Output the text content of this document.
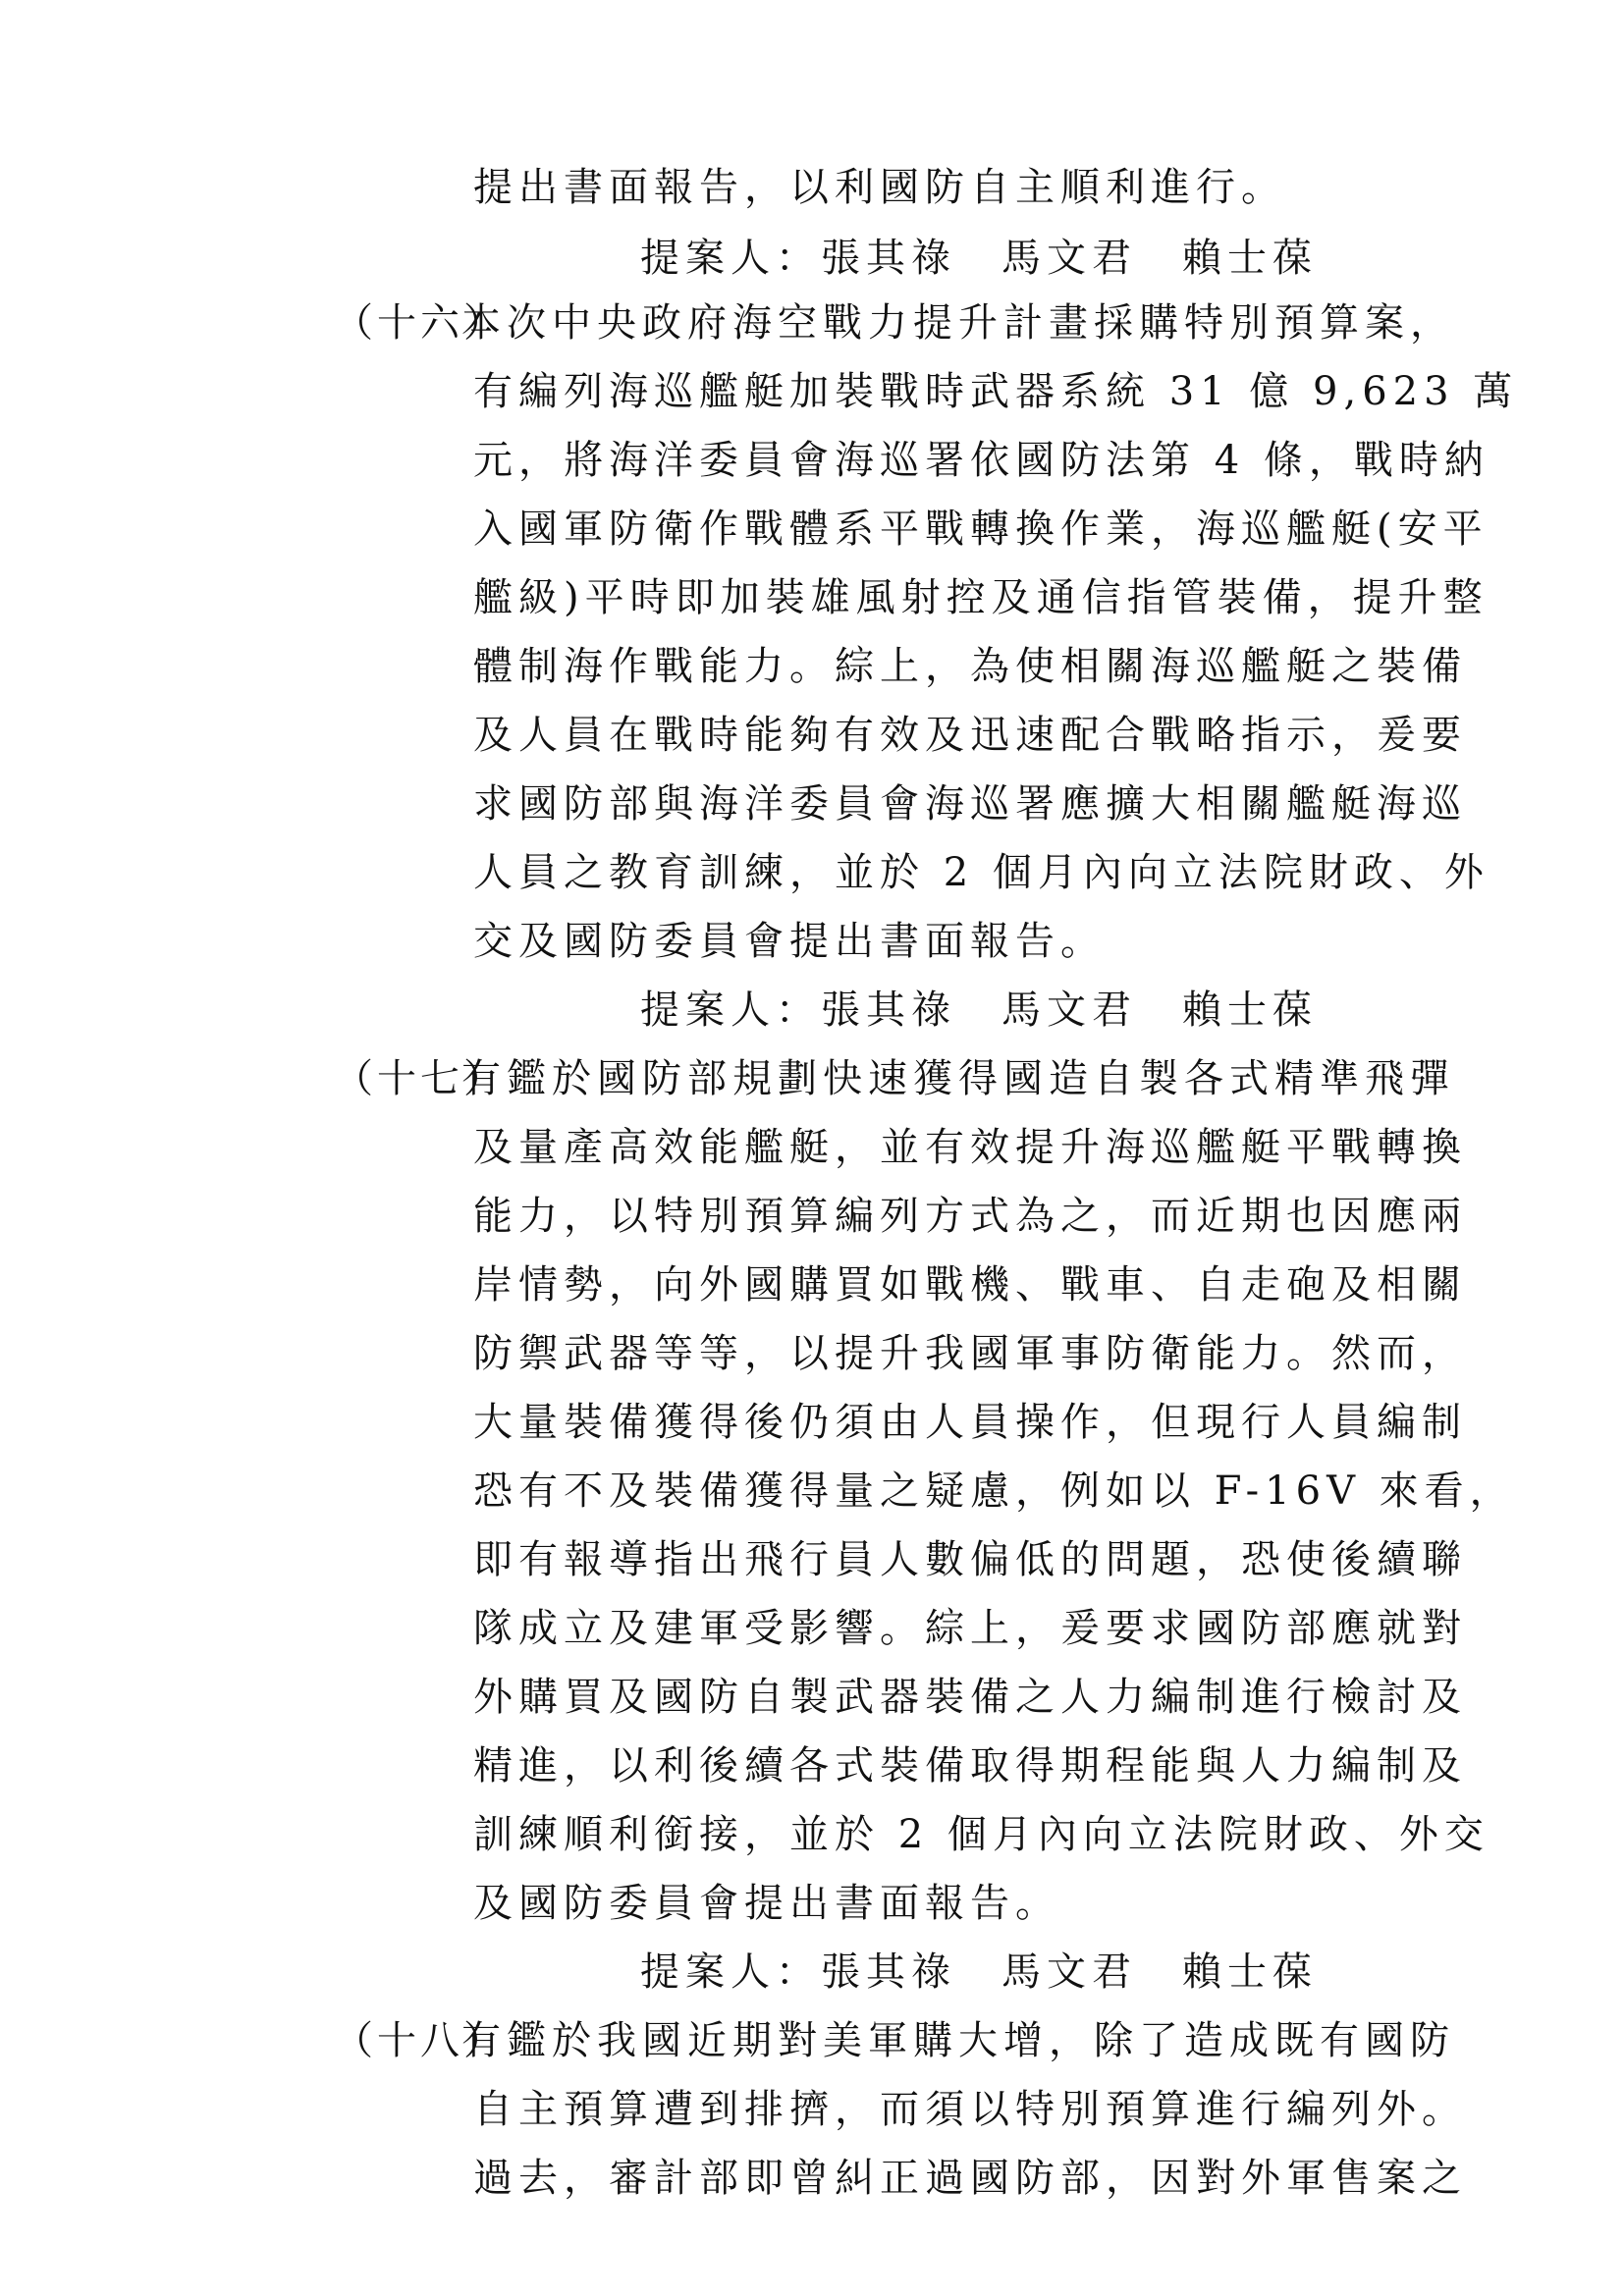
提出書面報告，以利國防自主順利進行。
提案人：張其祿　馬文君　賴士葆
（十六）
本次中央政府海空戰力提升計畫採購特別預算案，
有編列海巡艦艇加裝戰時武器系統 31 億 9,623 萬
元，將海洋委員會海巡署依國防法第 4 條，戰時納
入國軍防衛作戰體系平戰轉換作業，海巡艦艇(安平
艦級)平時即加裝雄風射控及通信指管裝備，提升整
體制海作戰能力。綜上，為使相關海巡艦艇之裝備
及人員在戰時能夠有效及迅速配合戰略指示，爰要
求國防部與海洋委員會海巡署應擴大相關艦艇海巡
人員之教育訓練，並於 2 個月內向立法院財政、外
交及國防委員會提出書面報告。
提案人：張其祿　馬文君　賴士葆
（十七）
有鑑於國防部規劃快速獲得國造自製各式精準飛彈
及量產高效能艦艇，並有效提升海巡艦艇平戰轉換
能力，以特別預算編列方式為之，而近期也因應兩
岸情勢，向外國購買如戰機、戰車、自走砲及相關
防禦武器等等，以提升我國軍事防衛能力。然而，
大量裝備獲得後仍須由人員操作，但現行人員編制
恐有不及裝備獲得量之疑慮，例如以 F-16V 來看，
即有報導指出飛行員人數偏低的問題，恐使後續聯
隊成立及建軍受影響。綜上，爰要求國防部應就對
外購買及國防自製武器裝備之人力編制進行檢討及
精進，以利後續各式裝備取得期程能與人力編制及
訓練順利銜接，並於 2 個月內向立法院財政、外交
及國防委員會提出書面報告。
提案人：張其祿　馬文君　賴士葆
（十八）
有鑑於我國近期對美軍購大增，除了造成既有國防
自主預算遭到排擠，而須以特別預算進行編列外。
過去，審計部即曾糾正過國防部，因對外軍售案之
